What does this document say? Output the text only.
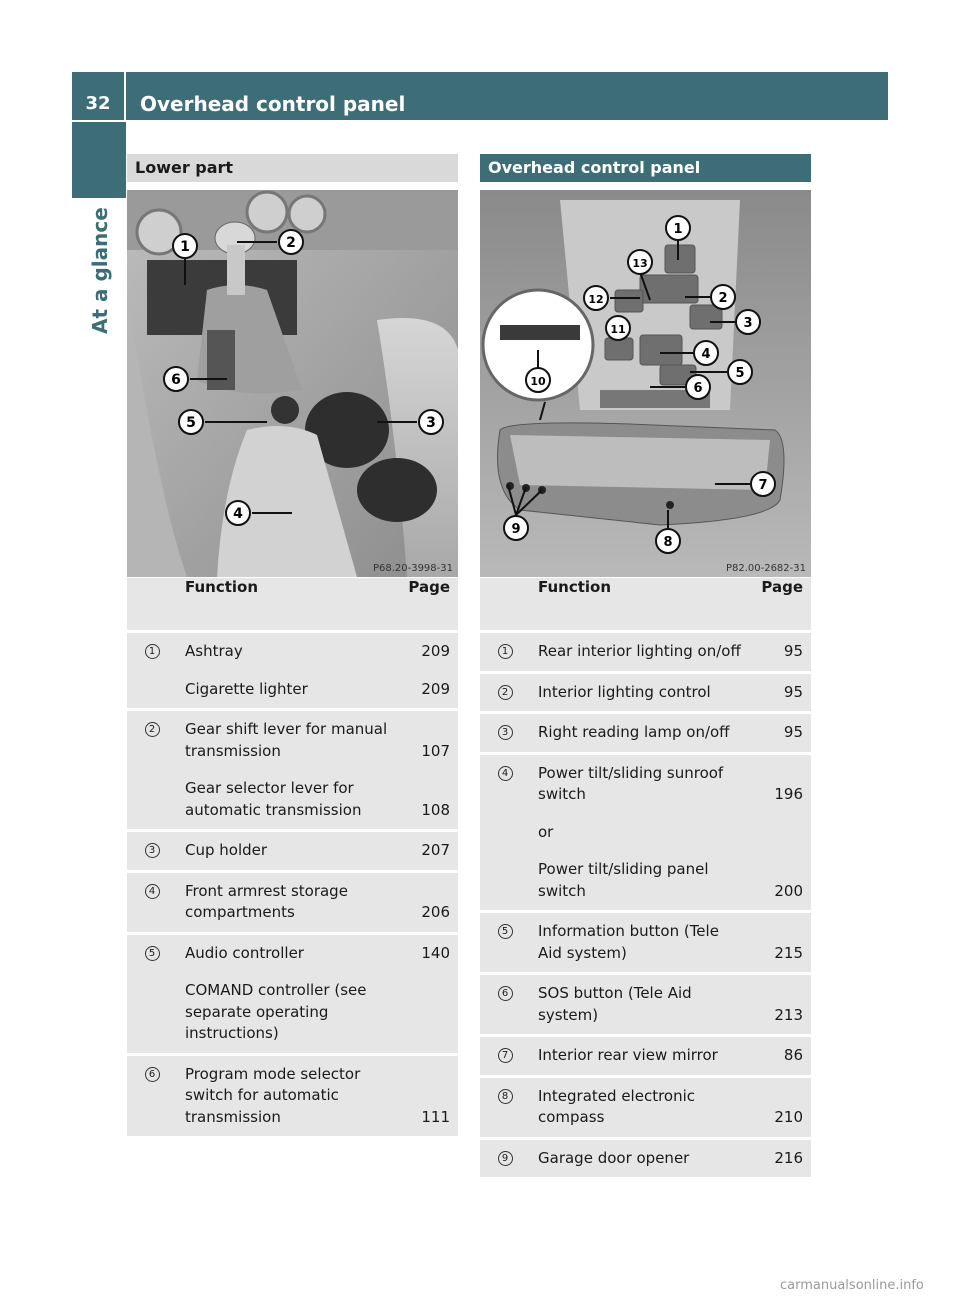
32	Overhead control panel
At a glance
Lower part
1	2
3
4
5
6
P68.20-3998-31
	Function	Page

1	Ashtray	209

	Cigarette lighter	209

2	Gear shift lever for manual
transmission	107

	Gear selector lever for
automatic transmission	108

3	Cup holder	207

4	Front armrest storage
compartments	206

5	Audio controller	140

	COMAND controller (see
separate operating
instructions)	

6	Program mode selector
switch for automatic
transmission	111
Overhead control panel
1
2
3
4
5
6
7
8
9
10
11
12
13
P82.00-2682-31
	Function	Page

1	Rear interior lighting on/off	95

2	Interior lighting control	95

3	Right reading lamp on/off	95

4	Power tilt/sliding sunroof
switch	196

	or	

	Power tilt/sliding panel
switch	200

5	Information button (Tele
Aid system)	215

6	SOS button (Tele Aid
system)	213

7	Interior rear view mirror	86

8	Integrated electronic
compass	210

9	Garage door opener	216
carmanualsonline.info
